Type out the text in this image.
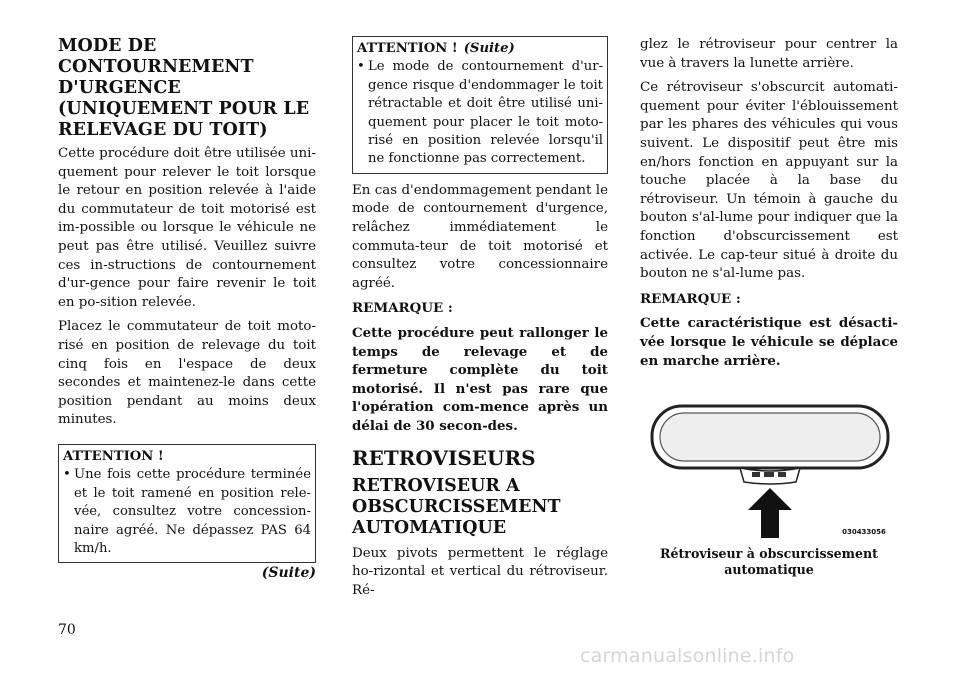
MODE DE CONTOURNEMENT D'URGENCE (UNIQUEMENT POUR LE RELEVAGE DU TOIT)

Cette procédure doit être utilisée uni-quement pour relever le toit lorsque le retour en position relevée à l'aide du commutateur de toit motorisé est im-possible ou lorsque le véhicule ne peut pas être utilisé. Veuillez suivre ces in-structions de contournement d'ur-gence pour faire revenir le toit en po-sition relevée.

Placez le commutateur de toit moto-risé en position de relevage du toit cinq fois en l'espace de deux secondes et maintenez-le dans cette position pendant au moins deux minutes.

ATTENTION !
• Une fois cette procédure terminée et le toit ramené en position rele-vée, consultez votre concession-naire agréé. Ne dépassez PAS 64 km/h.
(Suite)
ATTENTION ! (Suite)
• Le mode de contournement d'ur-gence risque d'endommager le toit rétractable et doit être utilisé uni-quement pour placer le toit moto-risé en position relevée lorsqu'il ne fonctionne pas correctement.

En cas d'endommagement pendant le mode de contournement d'urgence, relâchez immédiatement le commuta-teur de toit motorisé et consultez votre concessionnaire agréé.

REMARQUE :

Cette procédure peut rallonger le temps de relevage et de fermeture complète du toit motorisé. Il n'est pas rare que l'opération com-mence après un délai de 30 secon-des.

RETROVISEURS
RETROVISEUR A OBSCURCISSEMENT AUTOMATIQUE

Deux pivots permettent le réglage ho-rizontal et vertical du rétroviseur. Ré-

glez le rétroviseur pour centrer la vue à travers la lunette arrière.

Ce rétroviseur s'obscurcit automati-quement pour éviter l'éblouissement par les phares des véhicules qui vous suivent. Le dispositif peut être mis en/hors fonction en appuyant sur la touche placée à la base du rétroviseur. Un témoin à gauche du bouton s'al-lume pour indiquer que la fonction d'obscurcissement est activée. Le cap-teur situé à droite du bouton ne s'al-lume pas.

REMARQUE :

Cette caractéristique est désacti-vée lorsque le véhicule se déplace en marche arrière.

030433056
Rétroviseur à obscurcissement automatique
70
carmanualsonline.info
